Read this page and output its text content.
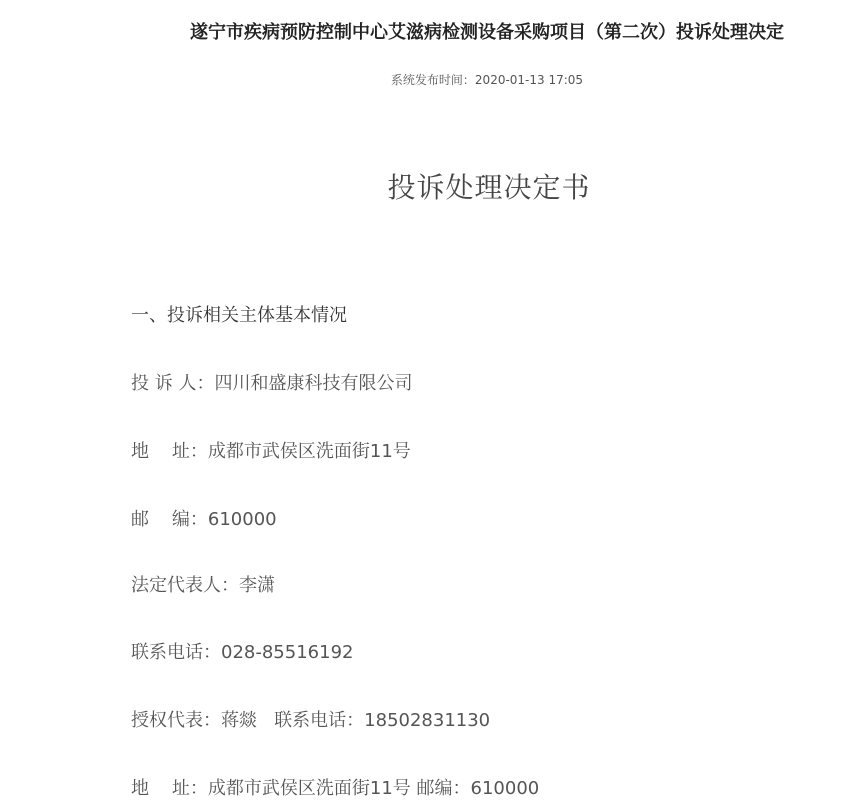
遂宁市疾病预防控制中心艾滋病检测设备采购项目（第二次）投诉处理决定
系统发布时间：2020-01-13 17:05
投诉处理决定书
一、投诉相关主体基本情况
投 诉 人：四川和盛康科技有限公司
地    址：成都市武侯区洗面街11号
邮    编：610000
法定代表人：李潇
联系电话：028-85516192
授权代表：蒋燚   联系电话：18502831130
地    址：成都市武侯区洗面街11号 邮编：610000
